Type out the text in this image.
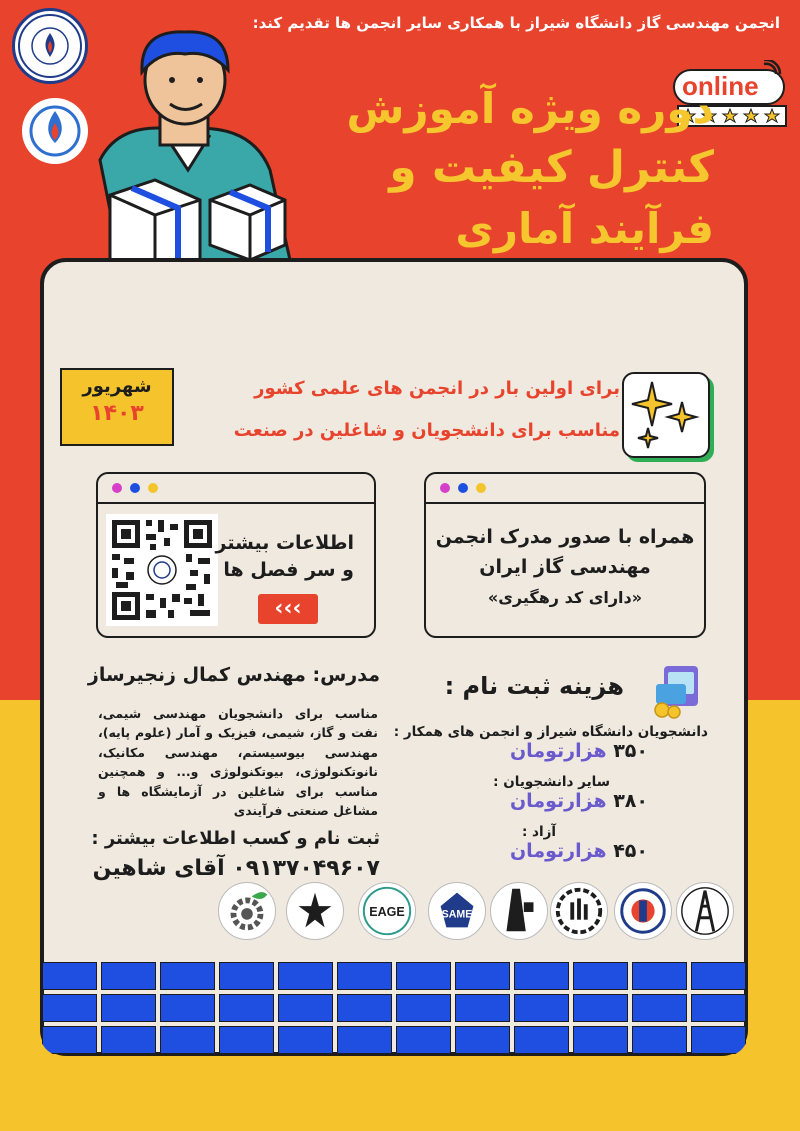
انجمن مهندسی گاز دانشگاه شیراز با همکاری سایر انجمن ها تقدیم کند:
online
دوره ویژه آموزش
کنترل کیفیت و
فرآیند آماری
شهریور
۱۴۰۳
برای اولین بار در انجمن های علمی کشور
مناسب برای دانشجویان و شاغلین در صنعت
اطلاعات بیشتر
و سر فصل ها
‹‹‹
همراه با صدور مدرک انجمن
مهندسی گاز ایران
«دارای کد رهگیری»
مدرس: مهندس کمال زنجیرساز
مناسب برای دانشجویان مهندسی شیمی، نفت و گاز، شیمی، فیزیک و آمار (علوم پایه)، مهندسی بیوسیستم، مهندسی مکانیک، نانوتکنولوژی، بیوتکنولوژی و... و همچنین مناسب برای شاغلین در آزمایشگاه ها و مشاغل صنعتی فرآیندی
ثبت نام و کسب اطلاعات بیشتر :
۰۹۱۳۷۰۴۹۶۰۷ آقای شاهین
هزینه ثبت نام :
دانشجویان دانشگاه شیراز و انجمن های همکار :
۳۵۰ هزارتومان
سایر دانشجویان :
۳۸۰ هزارتومان
آزاد :
۴۵۰ هزارتومان
EAGE	SAME
